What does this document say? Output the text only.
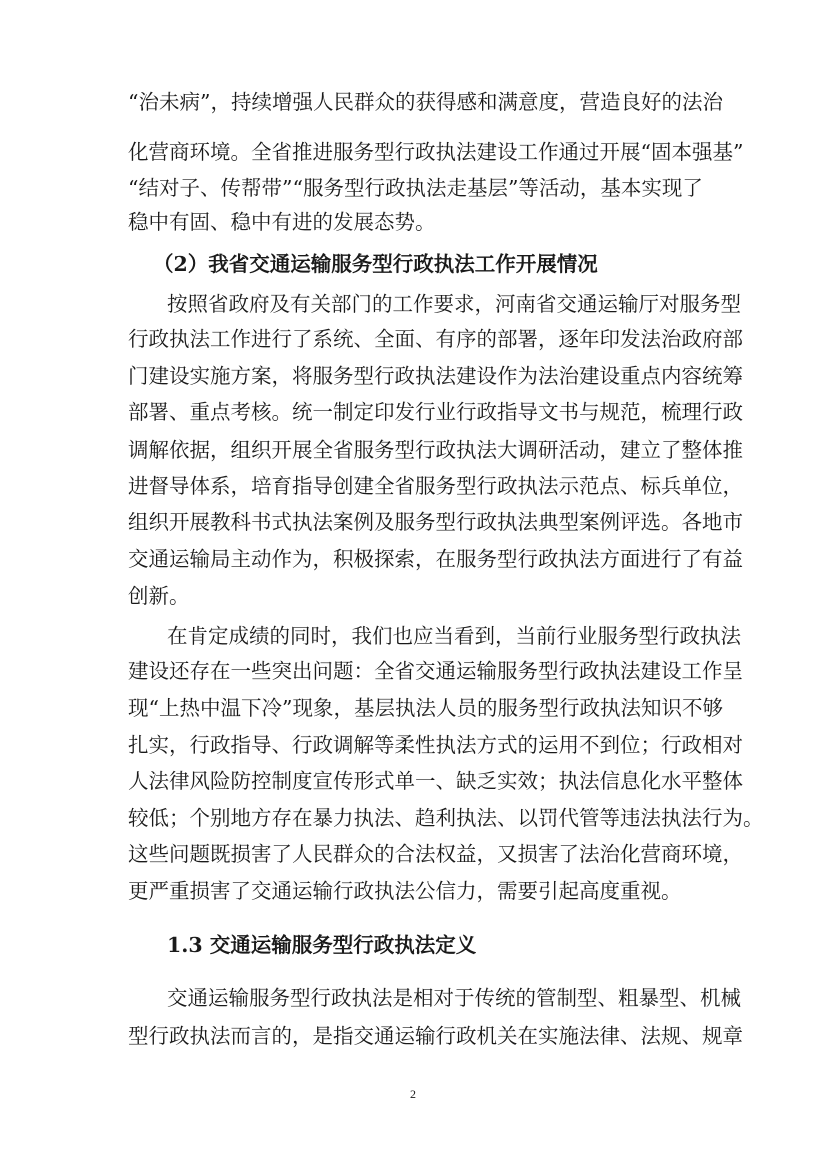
“治未病”，持续增强人民群众的获得感和满意度，营造良好的法治
化营商环境。全省推进服务型行政执法建设工作通过开展“固本强基”
“结对子、传帮带”“服务型行政执法走基层”等活动，基本实现了
稳中有固、稳中有进的发展态势。
（2）我省交通运输服务型行政执法工作开展情况
按照省政府及有关部门的工作要求，河南省交通运输厅对服务型
行政执法工作进行了系统、全面、有序的部署，逐年印发法治政府部
门建设实施方案，将服务型行政执法建设作为法治建设重点内容统筹
部署、重点考核。统一制定印发行业行政指导文书与规范，梳理行政
调解依据，组织开展全省服务型行政执法大调研活动，建立了整体推
进督导体系，培育指导创建全省服务型行政执法示范点、标兵单位，
组织开展教科书式执法案例及服务型行政执法典型案例评选。各地市
交通运输局主动作为，积极探索，在服务型行政执法方面进行了有益
创新。
在肯定成绩的同时，我们也应当看到，当前行业服务型行政执法
建设还存在一些突出问题：全省交通运输服务型行政执法建设工作呈
现“上热中温下冷”现象，基层执法人员的服务型行政执法知识不够
扎实，行政指导、行政调解等柔性执法方式的运用不到位；行政相对
人法律风险防控制度宣传形式单一、缺乏实效；执法信息化水平整体
较低；个别地方存在暴力执法、趋利执法、以罚代管等违法执法行为。
这些问题既损害了人民群众的合法权益，又损害了法治化营商环境，
更严重损害了交通运输行政执法公信力，需要引起高度重视。
1.3 交通运输服务型行政执法定义
交通运输服务型行政执法是相对于传统的管制型、粗暴型、机械
型行政执法而言的，是指交通运输行政机关在实施法律、法规、规章
2
